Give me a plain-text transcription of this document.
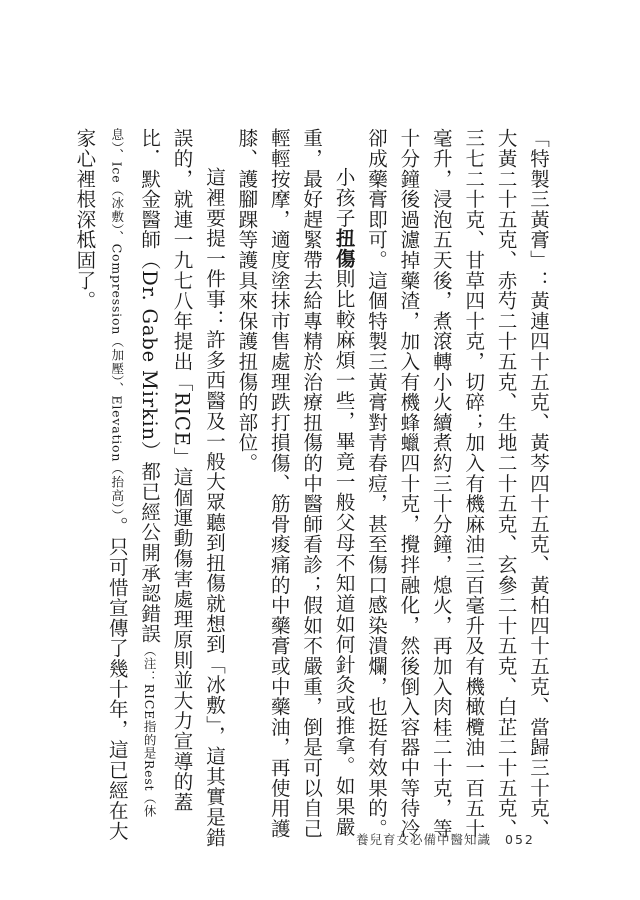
「特製三黃膏」：黃連四十五克、黃芩四十五克、黃柏四十五克、當歸三十克、大黃二十五克、赤芍二十五克、生地二十五克、玄參二十五克、白芷二十五克、三七二十克、甘草四十克，切碎；加入有機麻油三百毫升及有機橄欖油一百五十毫升，浸泡五天後，煮滾轉小火續煮約三十分鐘，熄火，再加入肉桂二十克，等十分鐘後過濾掉藥渣，加入有機蜂蠟四十克，攪拌融化，然後倒入容器中等待冷卻成藥膏即可。這個特製三黃膏對青春痘，甚至傷口感染潰爛，也挺有效果的。

小孩子扭傷則比較麻煩一些，畢竟一般父母不知道如何針灸或推拿。如果嚴重，最好趕緊帶去給專精於治療扭傷的中醫師看診；假如不嚴重，倒是可以自己輕輕按摩，適度塗抹市售處理跌打損傷、筋骨痠痛的中藥膏或中藥油，再使用護膝、護腳踝等護具來保護扭傷的部位。

這裡要提一件事：許多西醫及一般大眾聽到扭傷就想到「冰敷」，這其實是錯誤的，就連一九七八年提出「RICE」這個運動傷害處理原則並大力宣導的蓋比．默金醫師（Dr. Gabe Mirkin）都已經公開承認錯誤（注：RICE指的是Rest（休息）、Ice（冰敷）、Compression（加壓）、Elevation（抬高））。只可惜宣傳了幾十年，這已經在大家心裡根深柢固了。

養兒育女必備中醫知識 052
